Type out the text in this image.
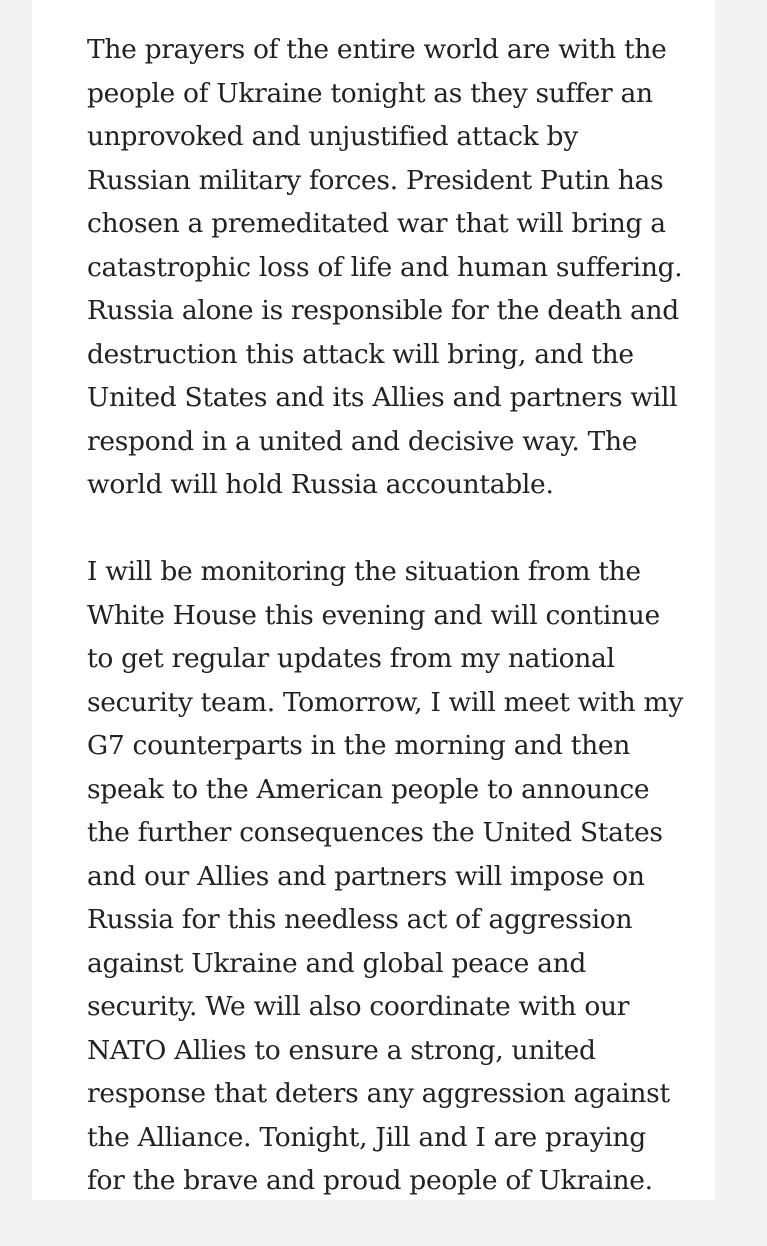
The prayers of the entire world are with the
people of Ukraine tonight as they suffer an
unprovoked and unjustified attack by
Russian military forces. President Putin has
chosen a premeditated war that will bring a
catastrophic loss of life and human suffering.
Russia alone is responsible for the death and
destruction this attack will bring, and the
United States and its Allies and partners will
respond in a united and decisive way. The
world will hold Russia accountable.

I will be monitoring the situation from the
White House this evening and will continue
to get regular updates from my national
security team. Tomorrow, I will meet with my
G7 counterparts in the morning and then
speak to the American people to announce
the further consequences the United States
and our Allies and partners will impose on
Russia for this needless act of aggression
against Ukraine and global peace and
security. We will also coordinate with our
NATO Allies to ensure a strong, united
response that deters any aggression against
the Alliance. Tonight, Jill and I are praying
for the brave and proud people of Ukraine.
